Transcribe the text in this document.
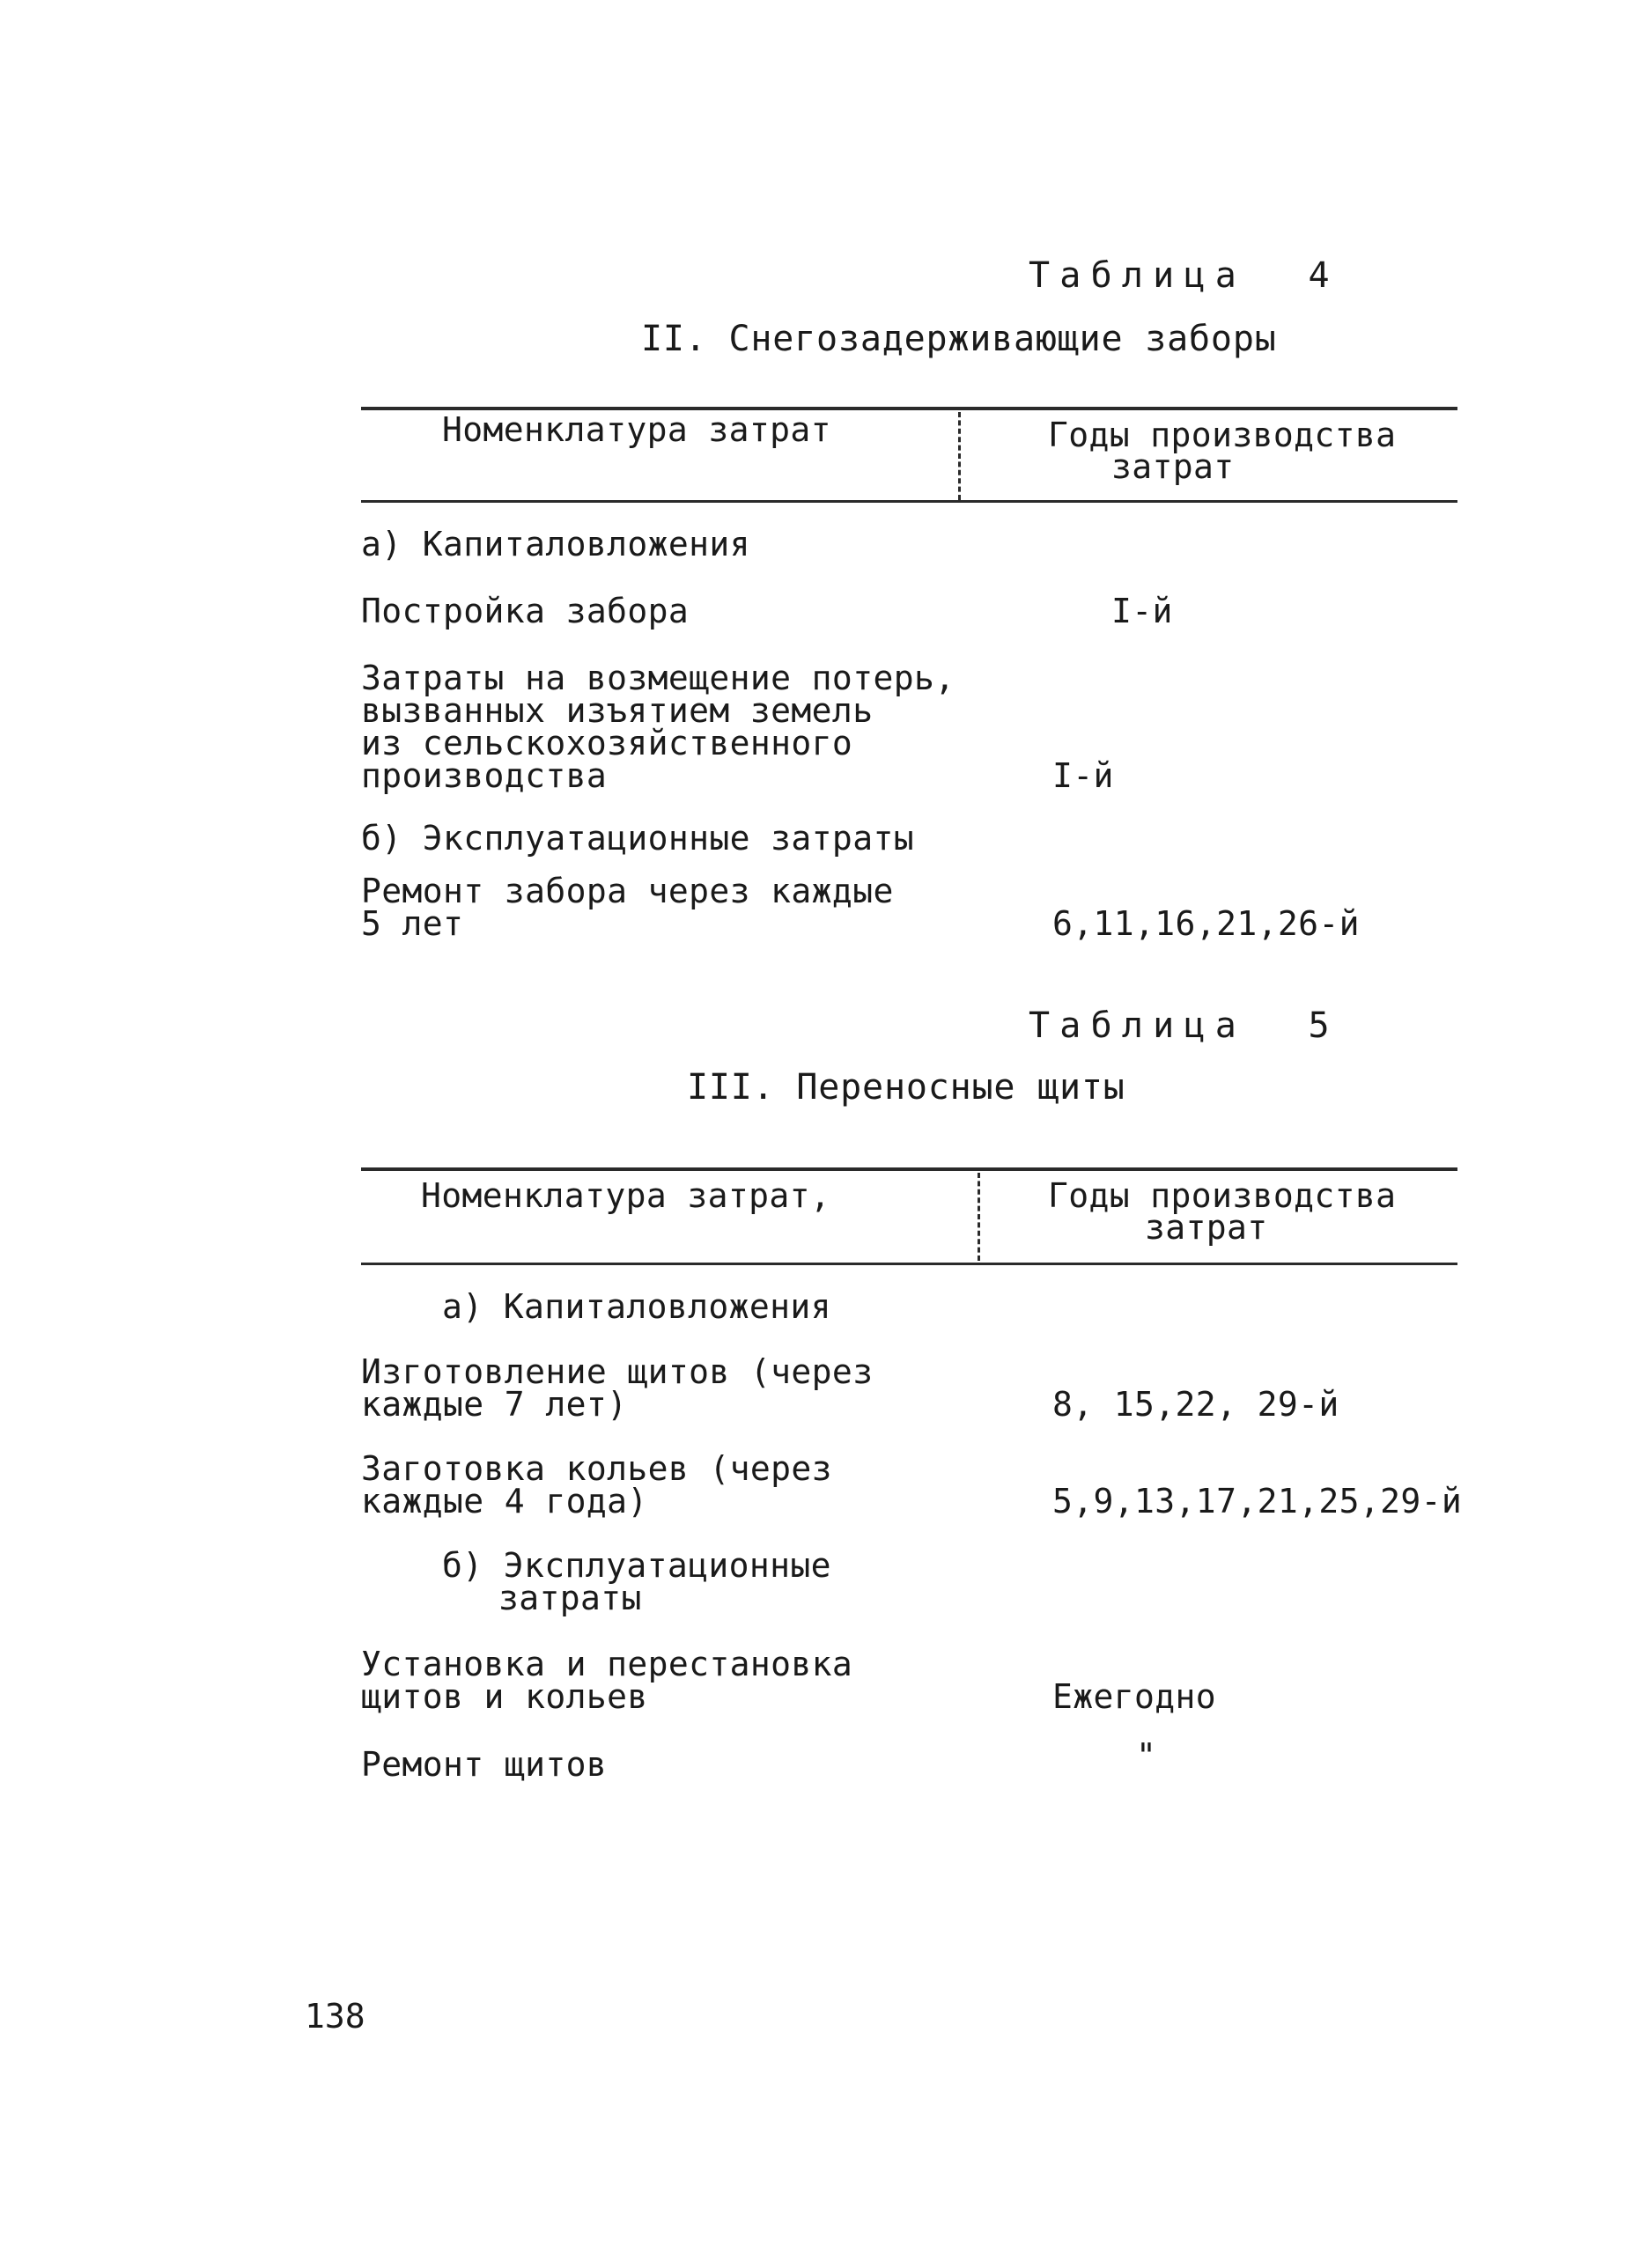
Таблица  4
II. Снегозадерживающие заборы
Номенклатура затрат	Годы производства
затрат
а) Капиталовложения
Постройка забора	I-й
Затраты на возмещение потерь,
вызванных изъятием земель
из сельскохозяйственного
производства	I-й
б) Эксплуатационные затраты
Ремонт забора через каждые
5 лет	6,11,16,21,26-й
Таблица  5
III. Переносные щиты
Номенклатура затрат,	Годы производства
затрат
а) Капиталовложения
Изготовление щитов (через
каждые 7 лет)	8, 15,22, 29-й
Заготовка кольев (через
каждые 4 года)	5,9,13,17,21,25,29-й
б) Эксплуатационные
затраты
Установка и перестановка
щитов и кольев	Ежегодно
Ремонт щитов	"
138
